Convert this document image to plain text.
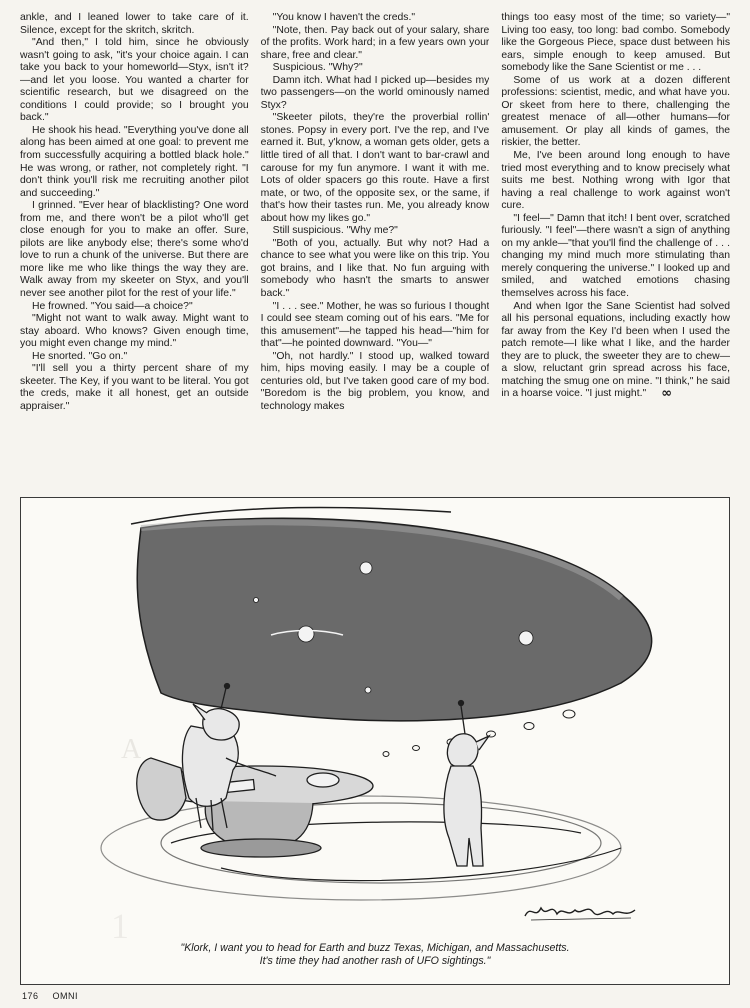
ankle, and I leaned lower to take care of it. Silence, except for the skritch, skritch.

"And then," I told him, since he obviously wasn't going to ask, "it's your choice again. I can take you back to your homeworld—Styx, isn't it?—and let you loose. You wanted a charter for scientific research, but we disagreed on the conditions I could provide; so I brought you back."

He shook his head. "Everything you've done all along has been aimed at one goal: to prevent me from successfully acquiring a bottled black hole." He was wrong, or rather, not completely right. "I don't think you'll risk me recruiting another pilot and succeeding."

I grinned. "Ever hear of blacklisting? One word from me, and there won't be a pilot who'll get close enough for you to make an offer. Sure, pilots are like anybody else; there's some who'd love to run a chunk of the universe. But there are more like me who like things the way they are. Walk away from my skeeter on Styx, and you'll never see another pilot for the rest of your life."

He frowned. "You said—a choice?"

"Might not want to walk away. Might want to stay aboard. Who knows? Given enough time, you might even change my mind."

He snorted. "Go on."

"I'll sell you a thirty percent share of my skeeter. The Key, if you want to be literal. You got the creds, make it all honest, get an outside appraiser."

"You know I haven't the creds."

"Note, then. Pay back out of your salary, share of the profits. Work hard; in a few years own your share, free and clear."

Suspicious. "Why?"

Damn itch. What had I picked up—besides my two passengers—on the world ominously named Styx?

"Skeeter pilots, they're the proverbial rollin' stones. Popsy in every port. I've the rep, and I've earned it. But, y'know, a woman gets older, gets a little tired of all that. I don't want to bar-crawl and carouse for my fun anymore. I want it with me. Lots of older spacers go this route. Have a first mate, or two, of the opposite sex, or the same, if that's how their tastes run. Me, you already know about how my likes go."

Still suspicious. "Why me?"

"Both of you, actually. But why not? Had a chance to see what you were like on this trip. You got brains, and I like that. No fun arguing with somebody who hasn't the smarts to answer back."

"I . . . see." Mother, he was so furious I thought I could see steam coming out of his ears. "Me for this amusement"—he tapped his head—"him for that"—he pointed downward. "You—"

"Oh, not hardly." I stood up, walked toward him, hips moving easily. I may be a couple of centuries old, but I've taken good care of my bod. "Boredom is the big problem, you know, and technology makes

things too easy most of the time; so variety—" Living too easy, too long: bad combo. Somebody like the Gorgeous Piece, space dust between his ears, simple enough to keep amused. But somebody like the Sane Scientist or me . . .

Some of us work at a dozen different professions: scientist, medic, and what have you. Or skeet from here to there, challenging the greatest menace of all—other humans—for amusement. Or play all kinds of games, the riskier, the better.

Me, I've been around long enough to have tried most everything and to know precisely what suits me best. Nothing wrong with Igor that having a real challenge to work against won't cure.

"I feel—" Damn that itch! I bent over, scratched furiously. "I feel"—there wasn't a sign of anything on my ankle—"that you'll find the challenge of . . . changing my mind much more stimulating than merely conquering the universe." I looked up and smiled, and watched emotions chasing themselves across his face.

And when Igor the Sane Scientist had solved all his personal equations, including exactly how far away from the Key I'd been when I used the patch remote—I like what I like, and the harder they are to pluck, the sweeter they are to chew—a slow, reluctant grin spread across his face, matching the smug one on mine. "I think," he said in a hoarse voice. "I just might." ∞

A
1
"Klork, I want you to head for Earth and buzz Texas, Michigan, and Massachusetts.
It's time they had another rash of UFO sightings."
176 OMNI
